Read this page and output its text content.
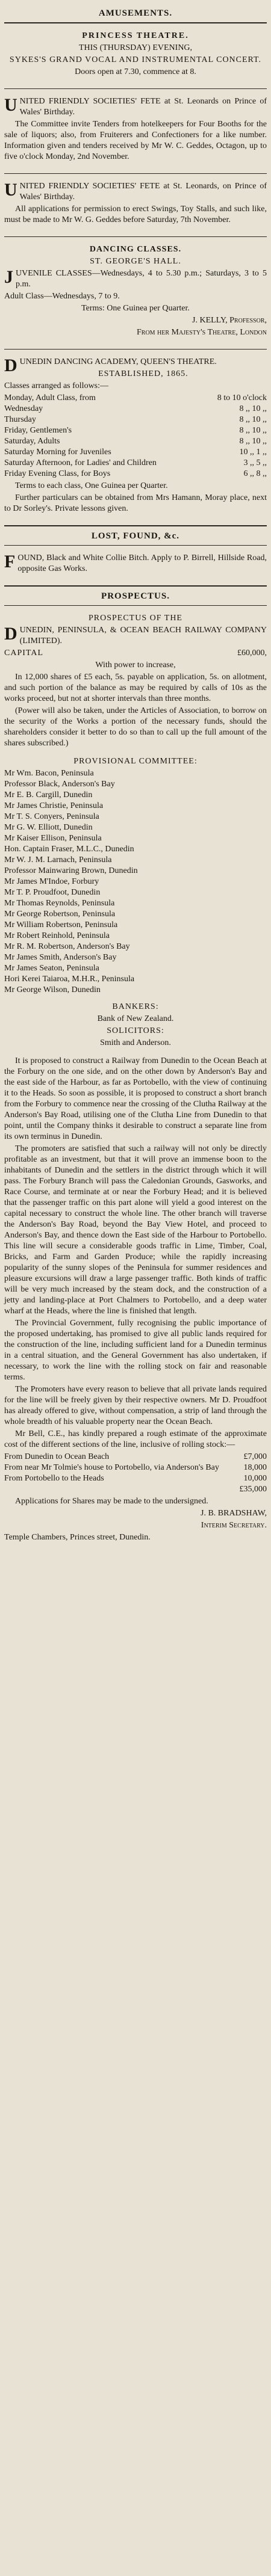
AMUSEMENTS.

PRINCESS THEATRE.

THIS (THURSDAY) EVENING,

SYKES'S GRAND VOCAL AND INSTRUMENTAL CONCERT.

Doors open at 7.30, commence at 8.

UNITED FRIENDLY SOCIETIES' FETE at St. Leonards on Prince of Wales' Birthday.

The Committee invite Tenders from hotelkeepers for Four Booths for the sale of liquors; also, from Fruiterers and Confectioners for a like number. Information given and tenders received by Mr W. C. Geddes, Octagon, up to five o'clock Monday, 2nd November.

UNITED FRIENDLY SOCIETIES' FETE at St. Leonards, on Prince of Wales' Birthday.

All applications for permission to erect Swings, Toy Stalls, and such like, must be made to Mr W. G. Geddes before Saturday, 7th November.

DANCING CLASSES.

ST. GEORGE'S HALL.

JUVENILE CLASSES—Wednesdays, 4 to 5.30 p.m.; Saturdays, 3 to 5 p.m.

Adult Class—Wednesdays, 7 to 9.

Terms: One Guinea per Quarter.

J. KELLY, Professor,

From her Majesty's Theatre, London

DUNEDIN DANCING ACADEMY, QUEEN'S THEATRE.

ESTABLISHED, 1865.

Classes arranged as follows:—

Monday, Adult Class, from	8 to 10 o'clock
Wednesday	8 ,, 10 ,,
Thursday	8 ,, 10 ,,
Friday, Gentlemen's	8 ,, 10 ,,
Saturday, Adults	8 ,, 10 ,,
Saturday Morning for Juveniles	10 ,, 1 ,,
Saturday Afternoon, for Ladies' and Children	3 ,, 5 ,,
Friday Evening Class, for Boys	6 ,, 8 ,,

Terms to each class, One Guinea per Quarter.

Further particulars can be obtained from Mrs Hamann, Moray place, next to Dr Sorley's. Private lessons given.

LOST, FOUND, &c.

FOUND, Black and White Collie Bitch. Apply to P. Birrell, Hillside Road, opposite Gas Works.

PROSPECTUS.

PROSPECTUS OF THE

DUNEDIN, PENINSULA, & OCEAN BEACH RAILWAY COMPANY (LIMITED).

CAPITAL	£60,000,

With power to increase,

In 12,000 shares of £5 each, 5s. payable on application, 5s. on allotment, and such portion of the balance as may be required by calls of 10s as the works proceed, but not at shorter intervals than three months.

(Power will also be taken, under the Articles of Association, to borrow on the security of the Works a portion of the necessary funds, should the shareholders consider it better to do so than to call up the full amount of the shares subscribed.)

PROVISIONAL COMMITTEE:

Mr Wm. Bacon, Peninsula
Professor Black, Anderson's Bay
Mr E. B. Cargill, Dunedin
Mr James Christie, Peninsula
Mr T. S. Conyers, Peninsula
Mr G. W. Elliott, Dunedin
Mr Kaiser Ellison, Peninsula
Hon. Captain Fraser, M.L.C., Dunedin
Mr W. J. M. Larnach, Peninsula
Professor Mainwaring Brown, Dunedin
Mr James M'Indoe, Forbury
Mr T. P. Proudfoot, Dunedin
Mr Thomas Reynolds, Peninsula
Mr George Robertson, Peninsula
Mr William Robertson, Peninsula
Mr Robert Reinhold, Peninsula
Mr R. M. Robertson, Anderson's Bay
Mr James Smith, Anderson's Bay
Mr James Seaton, Peninsula
Hori Kerei Taiaroa, M.H.R., Peninsula
Mr George Wilson, Dunedin

BANKERS:

Bank of New Zealand.

SOLICITORS:

Smith and Anderson.

It is proposed to construct a Railway from Dunedin to the Ocean Beach at the Forbury on the one side, and on the other down by Anderson's Bay and the east side of the Harbour, as far as Portobello, with the view of continuing it to the Heads. So soon as possible, it is proposed to construct a short branch from the Forbury to commence near the crossing of the Clutha Railway at the Anderson's Bay Road, utilising one of the Clutha Line from Dunedin to that point, until the Company thinks it desirable to construct a separate line from its own terminus in Dunedin.

The promoters are satisfied that such a railway will not only be directly profitable as an investment, but that it will prove an immense boon to the inhabitants of Dunedin and the settlers in the district through which it will pass. The Forbury Branch will pass the Caledonian Grounds, Gasworks, and Race Course, and terminate at or near the Forbury Head; and it is believed that the passenger traffic on this part alone will yield a good interest on the capital necessary to construct the whole line. The other branch will traverse the Anderson's Bay Road, beyond the Bay View Hotel, and proceed to Anderson's Bay, and thence down the East side of the Harbour to Portobello. This line will secure a considerable goods traffic in Lime, Timber, Coal, Bricks, and Farm and Garden Produce; while the rapidly increasing popularity of the sunny slopes of the Peninsula for summer residences and pleasure excursions will draw a large passenger traffic. Both kinds of traffic will be very much increased by the steam dock, and the construction of a jetty and landing-place at Port Chalmers to Portobello, and a deep water wharf at the Heads, where the line is finished that length.

The Provincial Government, fully recognising the public importance of the proposed undertaking, has promised to give all public lands required for the construction of the line, including sufficient land for a Dunedin terminus in a central situation, and the General Government has also undertaken, if necessary, to work the line with the rolling stock on fair and reasonable terms.

The Promoters have every reason to believe that all private lands required for the line will be freely given by their respective owners. Mr D. Proudfoot has already offered to give, without compensation, a strip of land through the whole breadth of his valuable property near the Ocean Beach.

Mr Bell, C.E., has kindly prepared a rough estimate of the approximate cost of the different sections of the line, inclusive of rolling stock:—

From Dunedin to Ocean Beach	£7,000
From near Mr Tolmie's house to Portobello, via Anderson's Bay	18,000
From Portobello to the Heads	10,000
£35,000

Applications for Shares may be made to the undersigned.

J. B. BRADSHAW,

Interim Secretary.

Temple Chambers, Princes street, Dunedin.
